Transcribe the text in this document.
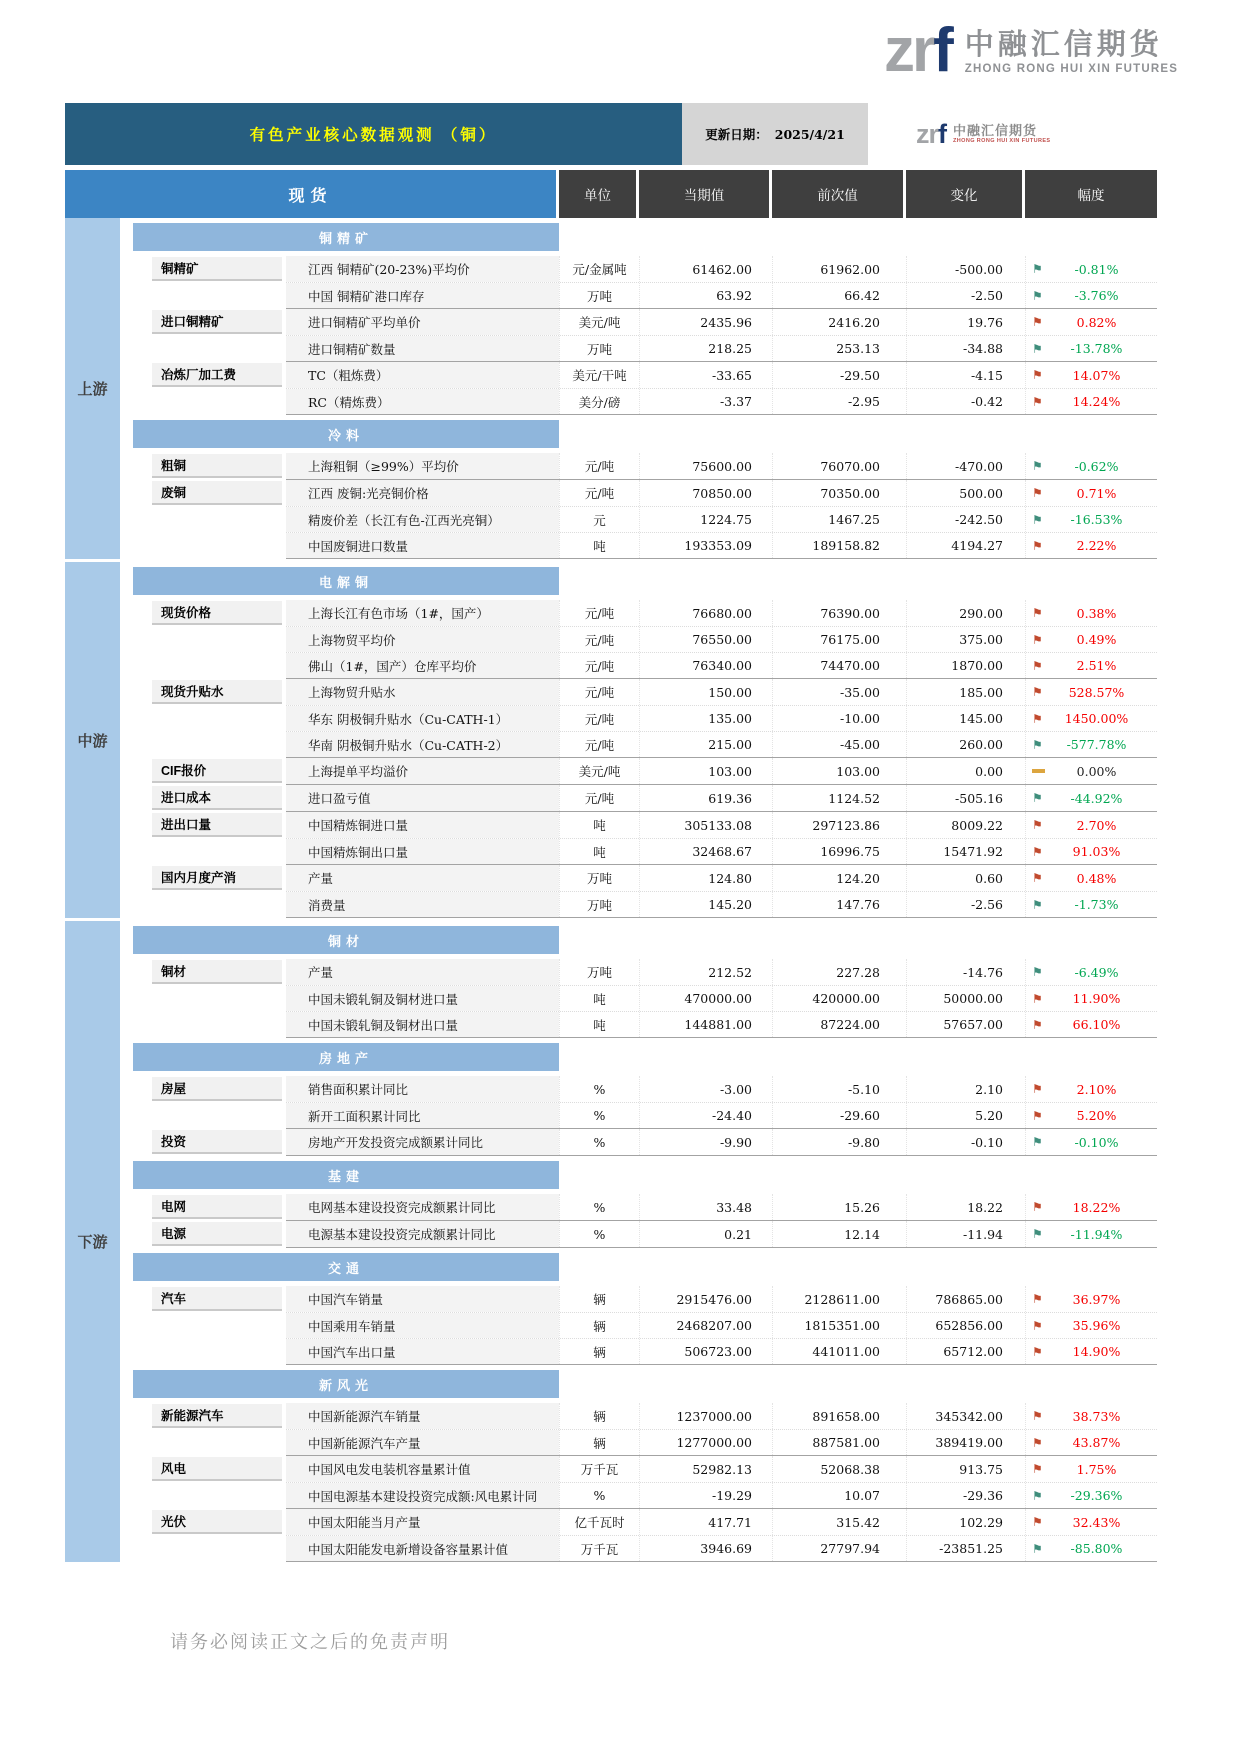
zrf 中融汇信期货
ZHONG RONG HUI XIN FUTURES
有色产业核心数据观测 （铜）	更新日期： 2025/4/21	zrf 中融汇信期货
ZHONG RONG HUI XIN FUTURES
现货	单位	当期值	前次值	变化	幅度
上游
铜精矿
铜精矿	江西 铜精矿(20-23%)平均价	元/金属吨	61462.00	61962.00	-500.00	⚑	-0.81%
中国 铜精矿港口库存	万吨	63.92	66.42	-2.50	⚑	-3.76%
进口铜精矿	进口铜精矿平均单价	美元/吨	2435.96	2416.20	19.76	⚑	0.82%
进口铜精矿数量	万吨	218.25	253.13	-34.88	⚑ -13.78%
冶炼厂加工费	TC（粗炼费）	美元/干吨	-33.65	-29.50	-4.15	⚑ 14.07%
RC（精炼费）	美分/磅	-3.37	-2.95	-0.42	⚑ 14.24%
冷料
粗铜	上海粗铜（≥99%）平均价	元/吨	75600.00	76070.00	-470.00	⚑	-0.62%
废铜	江西 废铜:光亮铜价格	元/吨	70850.00	70350.00	500.00	⚑	0.71%
精废价差（长江有色-江西光亮铜）	元	1224.75	1467.25	-242.50	⚑ -16.53%
中国废铜进口数量	吨	193353.09	189158.82	4194.27	⚑	2.22%
中游
电解铜
现货价格	上海长江有色市场（1#，国产）	元/吨	76680.00	76390.00	290.00	⚑	0.38%
上海物贸平均价	元/吨	76550.00	76175.00	375.00	⚑	0.49%
佛山（1#，国产）仓库平均价	元/吨	76340.00	74470.00	1870.00	⚑	2.51%
现货升贴水	上海物贸升贴水	元/吨	150.00	-35.00	185.00	⚑ 528.57%
华东 阴极铜升贴水（Cu-CATH-1）	元/吨	135.00	-10.00	145.00	⚑ 1450.00%
华南 阴极铜升贴水（Cu-CATH-2）	元/吨	215.00	-45.00	260.00	⚑ -577.78%
CIF报价	上海提单平均溢价	美元/吨	103.00	103.00	0.00	0.00%
进口成本	进口盈亏值	元/吨	619.36	1124.52	-505.16	⚑ -44.92%
进出口量	中国精炼铜进口量	吨	305133.08	297123.86	8009.22	⚑	2.70%
中国精炼铜出口量	吨	32468.67	16996.75	15471.92	⚑ 91.03%
国内月度产消	产量	万吨	124.80	124.20	0.60	⚑	0.48%
消费量	万吨	145.20	147.76	-2.56	⚑	-1.73%
下游
铜材
铜材	产量	万吨	212.52	227.28	-14.76	⚑	-6.49%
中国未锻轧铜及铜材进口量	吨	470000.00	420000.00	50000.00	⚑ 11.90%
中国未锻轧铜及铜材出口量	吨	144881.00	87224.00	57657.00	⚑ 66.10%
房地产
房屋	销售面积累计同比	%	-3.00	-5.10	2.10	⚑	2.10%
新开工面积累计同比	%	-24.40	-29.60	5.20	⚑	5.20%
投资	房地产开发投资完成额累计同比	%	-9.90	-9.80	-0.10	⚑	-0.10%
基建
电网	电网基本建设投资完成额累计同比	%	33.48	15.26	18.22	⚑ 18.22%
电源	电源基本建设投资完成额累计同比	%	0.21	12.14	-11.94	⚑ -11.94%
交通
汽车	中国汽车销量	辆	2915476.00	2128611.00	786865.00	⚑ 36.97%
中国乘用车销量	辆	2468207.00	1815351.00	652856.00	⚑ 35.96%
中国汽车出口量	辆	506723.00	441011.00	65712.00	⚑ 14.90%
新风光
新能源汽车	中国新能源汽车销量	辆	1237000.00	891658.00	345342.00	⚑ 38.73%
中国新能源汽车产量	辆	1277000.00	887581.00	389419.00	⚑ 43.87%
风电	中国风电发电装机容量累计值	万千瓦	52982.13	52068.38	913.75	⚑	1.75%
中国电源基本建设投资完成额:风电累计同	%	-19.29	10.07	-29.36	⚑ -29.36%
光伏	中国太阳能当月产量	亿千瓦时	417.71	315.42	102.29	⚑ 32.43%
中国太阳能发电新增设备容量累计值	万千瓦	3946.69	27797.94	-23851.25	⚑ -85.80%
请务必阅读正文之后的免责声明
